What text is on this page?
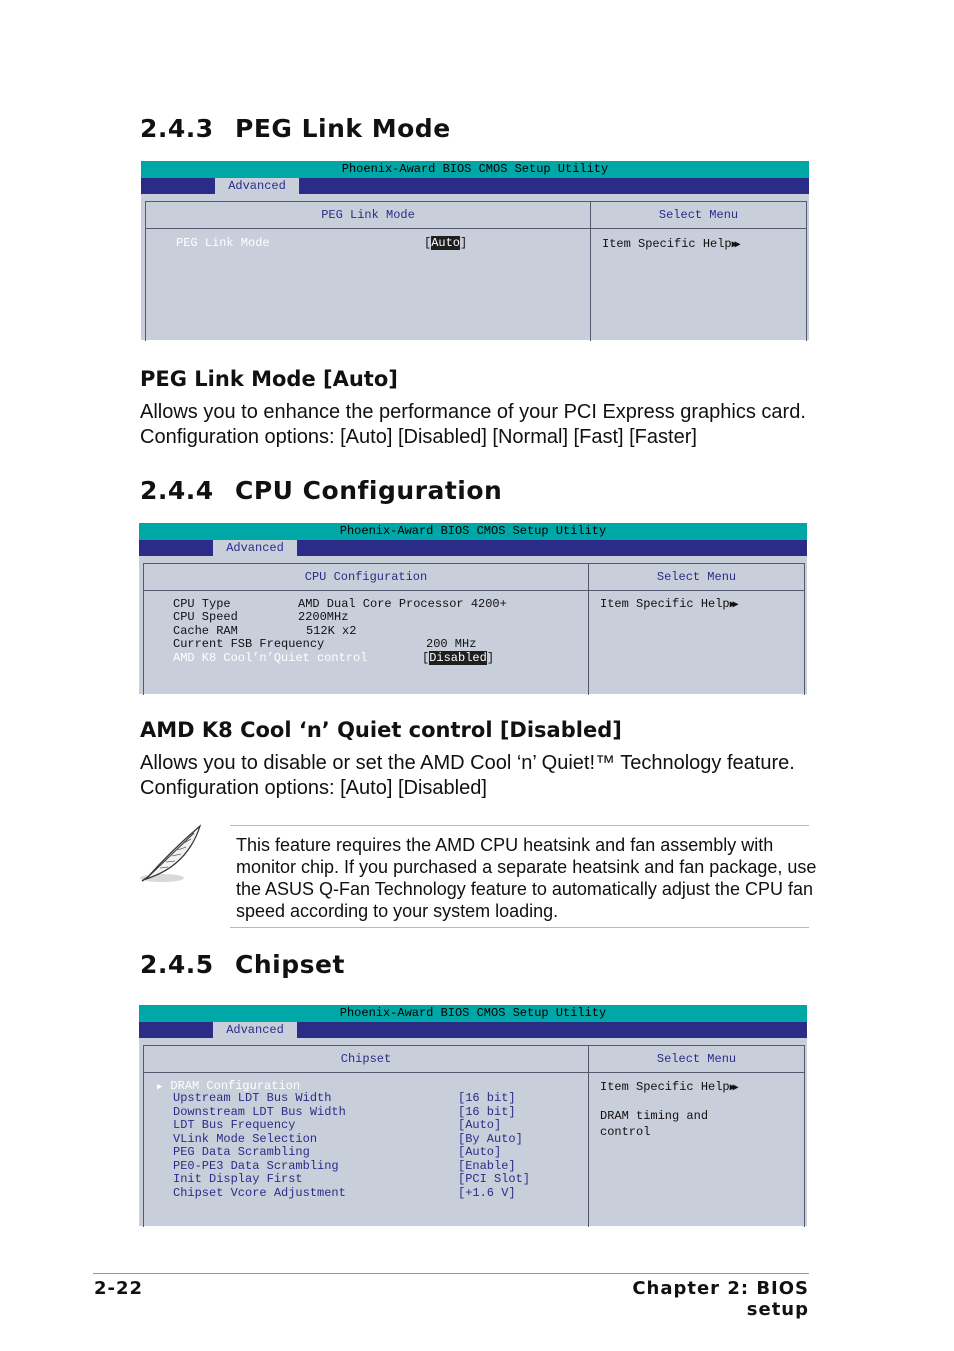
2.4.3 PEG Link Mode
Phoenix-Award BIOS CMOS Setup Utility
Advanced
PEG Link Mode
PEG Link Mode	[Auto]
Select Menu
Item Specific Help▶▶
PEG Link Mode [Auto]
Allows you to enhance the performance of your PCI Express graphics card.
Configuration options: [Auto] [Disabled] [Normal] [Fast] [Faster]
2.4.4 CPU Configuration
Phoenix-Award BIOS CMOS Setup Utility
Advanced
CPU Configuration
CPU Type	AMD Dual Core Processor 4200+
CPU Speed	2200MHz
Cache RAM	512K x2
Current FSB Frequency	200 MHz
AMD K8 Cool’n’Quiet control	[Disabled]
Select Menu
Item Specific Help▶▶
AMD K8 Cool ‘n’ Quiet control [Disabled]
Allows you to disable or set the AMD Cool ‘n’ Quiet!™ Technology feature.
Configuration options: [Auto] [Disabled]
This feature requires the AMD CPU heatsink and fan assembly with
monitor chip. If you purchased a separate heatsink and fan package, use
the ASUS Q-Fan Technology feature to automatically adjust the CPU fan
speed according to your system loading.
2.4.5 Chipset
Phoenix-Award BIOS CMOS Setup Utility
Advanced
Chipset
▶ DRAM Configuration
Upstream LDT Bus Width	[16 bit]
Downstream LDT Bus Width	[16 bit]
LDT Bus Frequency	[Auto]
VLink Mode Selection	[By Auto]
PEG Data Scrambling	[Auto]
PE0-PE3 Data Scrambling	[Enable]
Init Display First	[PCI Slot]
Chipset Vcore Adjustment	[+1.6 V]
Select Menu
Item Specific Help▶▶
DRAM timing and
control
2-22	Chapter 2: BIOS setup
